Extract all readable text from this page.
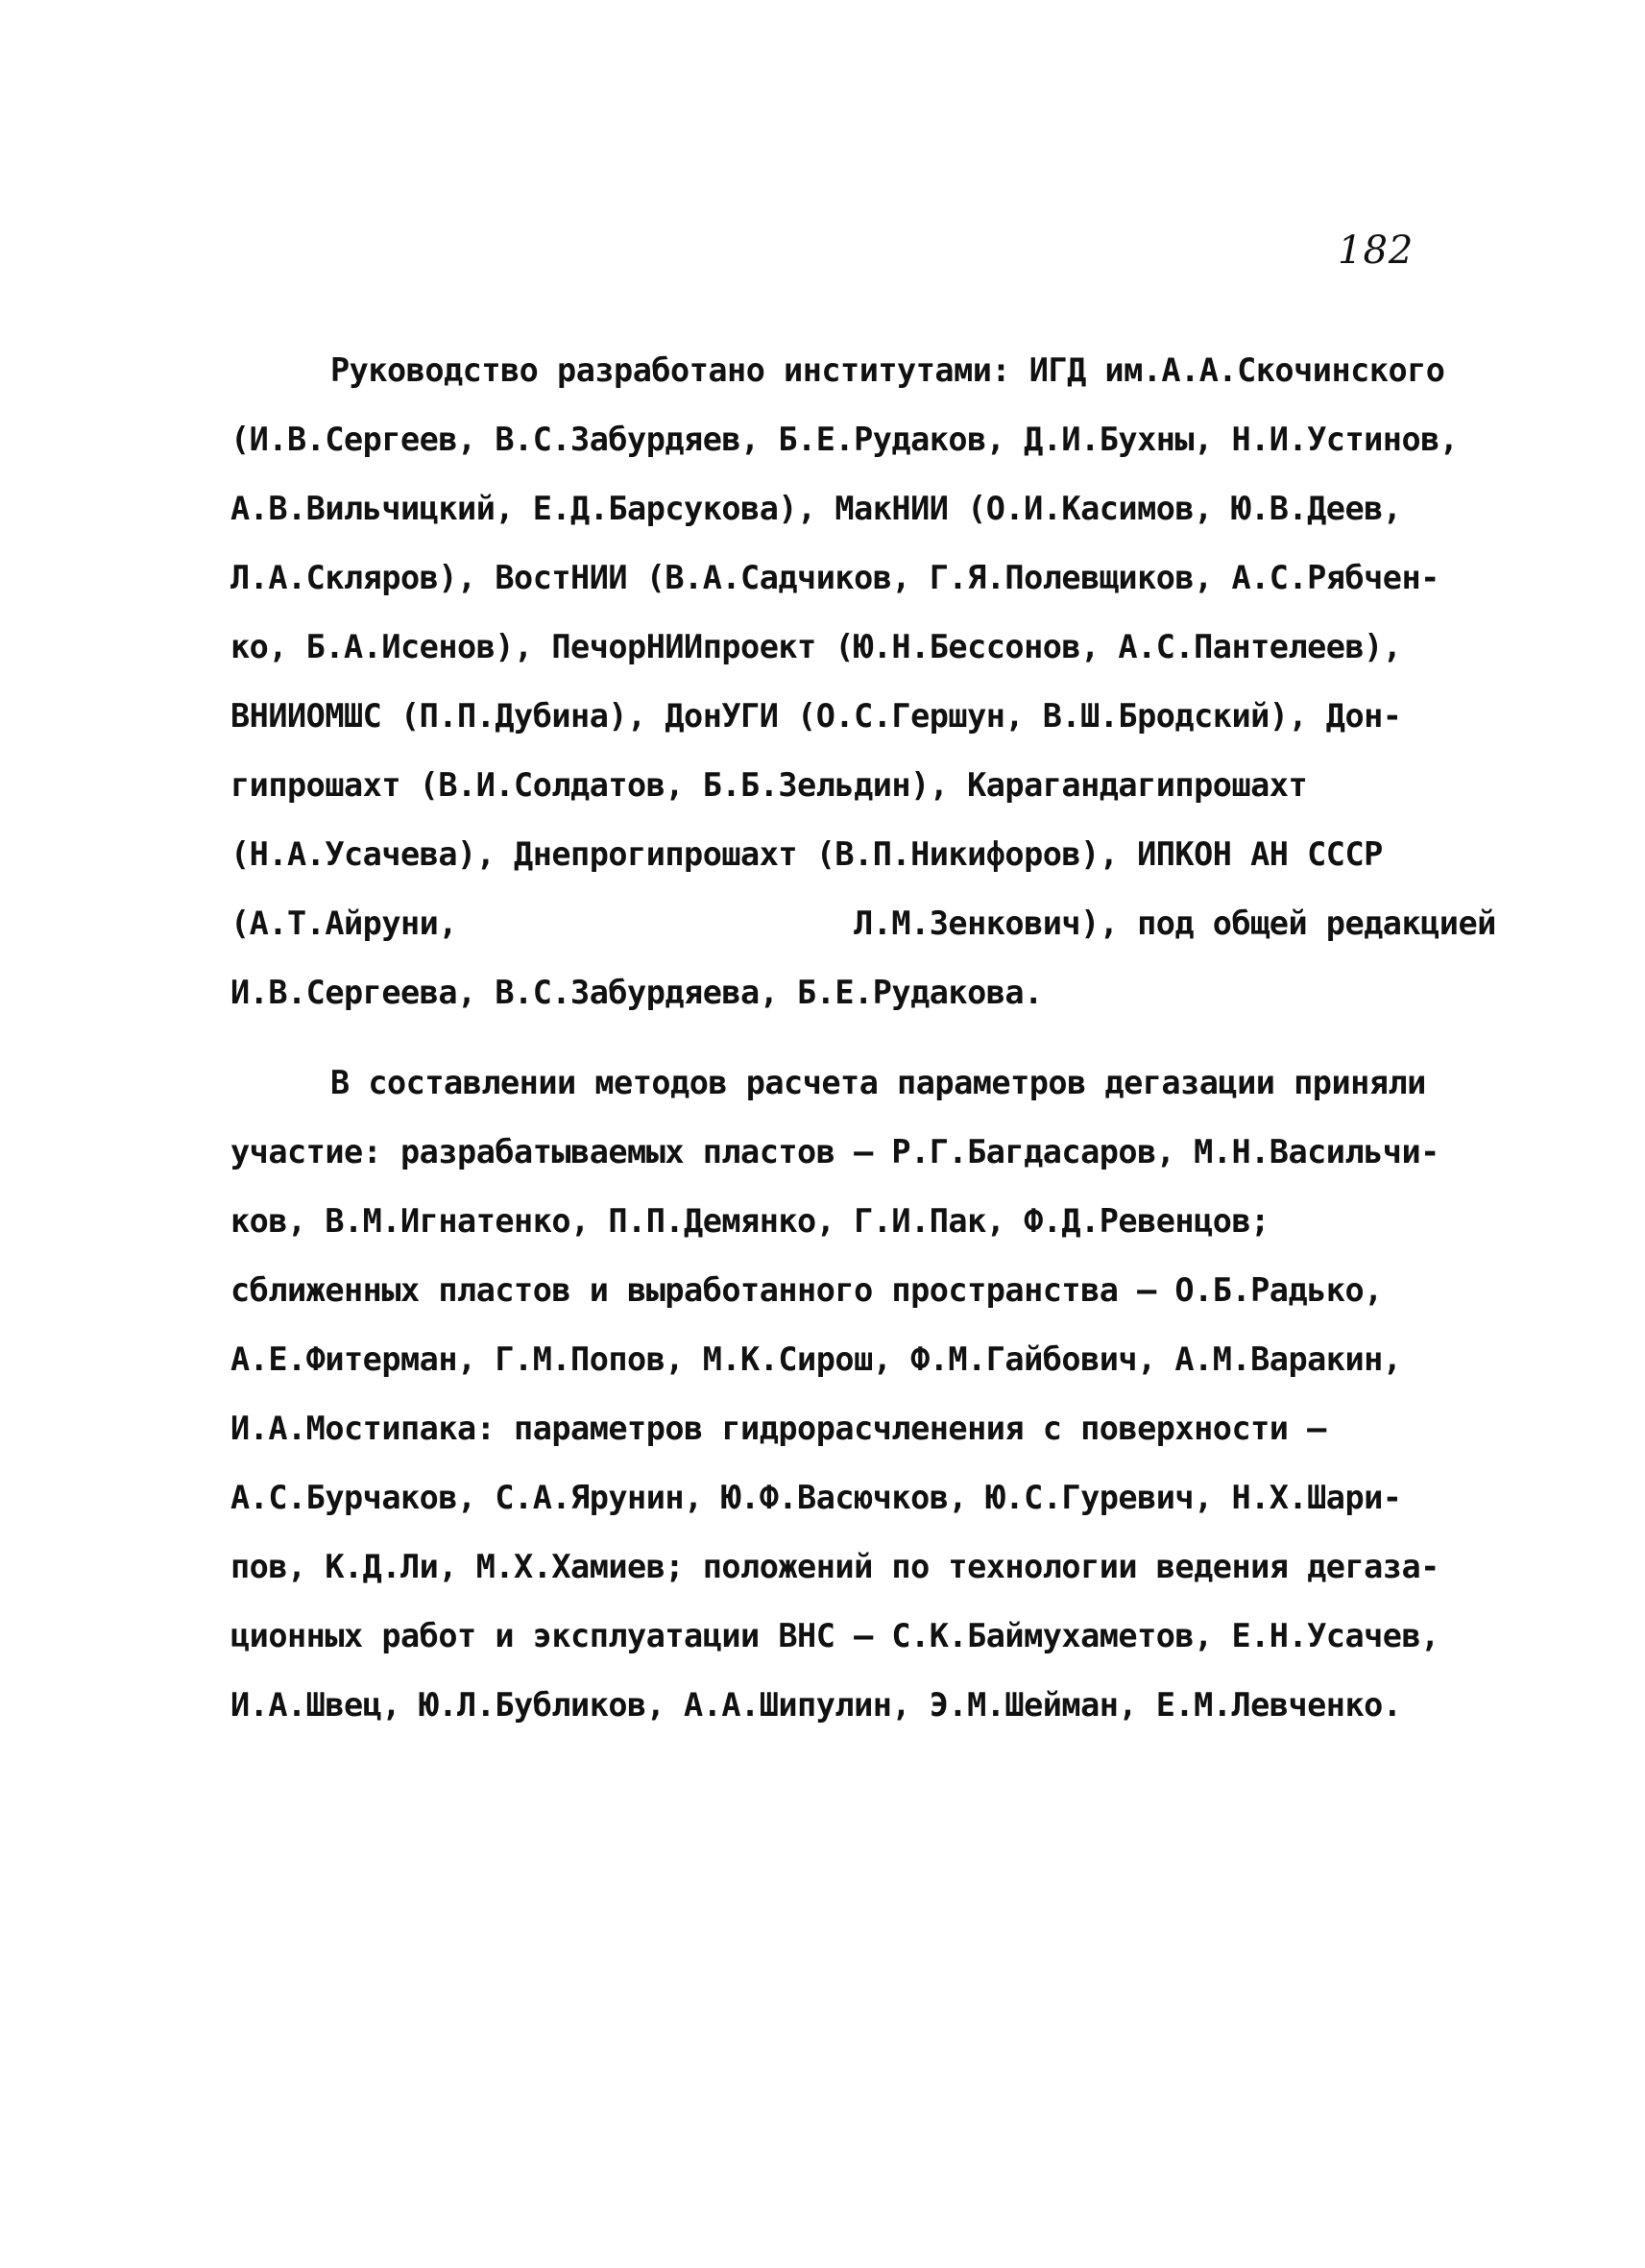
182
Руководство разработано институтами: ИГД им.А.А.Скочинского
(И.В.Сергеев, В.С.Забурдяев, Б.Е.Рудаков, Д.И.Бухны, Н.И.Устинов,
А.В.Вильчицкий, Е.Д.Барсукова), МакНИИ (О.И.Касимов, Ю.В.Деев,
Л.А.Скляров), ВостНИИ (В.А.Садчиков, Г.Я.Полевщиков, А.С.Рябчен-
ко, Б.А.Исенов), ПечорНИИпроект (Ю.Н.Бессонов, А.С.Пантелеев),
ВНИИОМШС (П.П.Дубина), ДонУГИ (О.С.Гершун, В.Ш.Бродский), Дон-
гипрошахт (В.И.Солдатов, Б.Б.Зельдин), Карагандагипрошахт
(Н.А.Усачева), Днепрогипрошахт (В.П.Никифоров), ИПКОН АН СССР
(А.Т.Айруни,                     Л.М.Зенкович), под общей редакцией
И.В.Сергеева, В.С.Забурдяева, Б.Е.Рудакова.
В составлении методов расчета параметров дегазации приняли
участие: разрабатываемых пластов – Р.Г.Багдасаров, М.Н.Васильчи-
ков, В.М.Игнатенко, П.П.Демянко, Г.И.Пак, Ф.Д.Ревенцов;
сближенных пластов и выработанного пространства – О.Б.Радько,
А.Е.Фитерман, Г.М.Попов, М.К.Сирош, Ф.М.Гайбович, А.М.Варакин,
И.А.Мостипака: параметров гидрорасчленения с поверхности –
А.С.Бурчаков, С.А.Ярунин, Ю.Ф.Васючков, Ю.С.Гуревич, Н.Х.Шари-
пов, К.Д.Ли, М.Х.Хамиев; положений по технологии ведения дегаза-
ционных работ и эксплуатации ВНС – С.К.Баймухаметов, Е.Н.Усачев,
И.А.Швец, Ю.Л.Бубликов, А.А.Шипулин, Э.М.Шейман, Е.М.Левченко.
